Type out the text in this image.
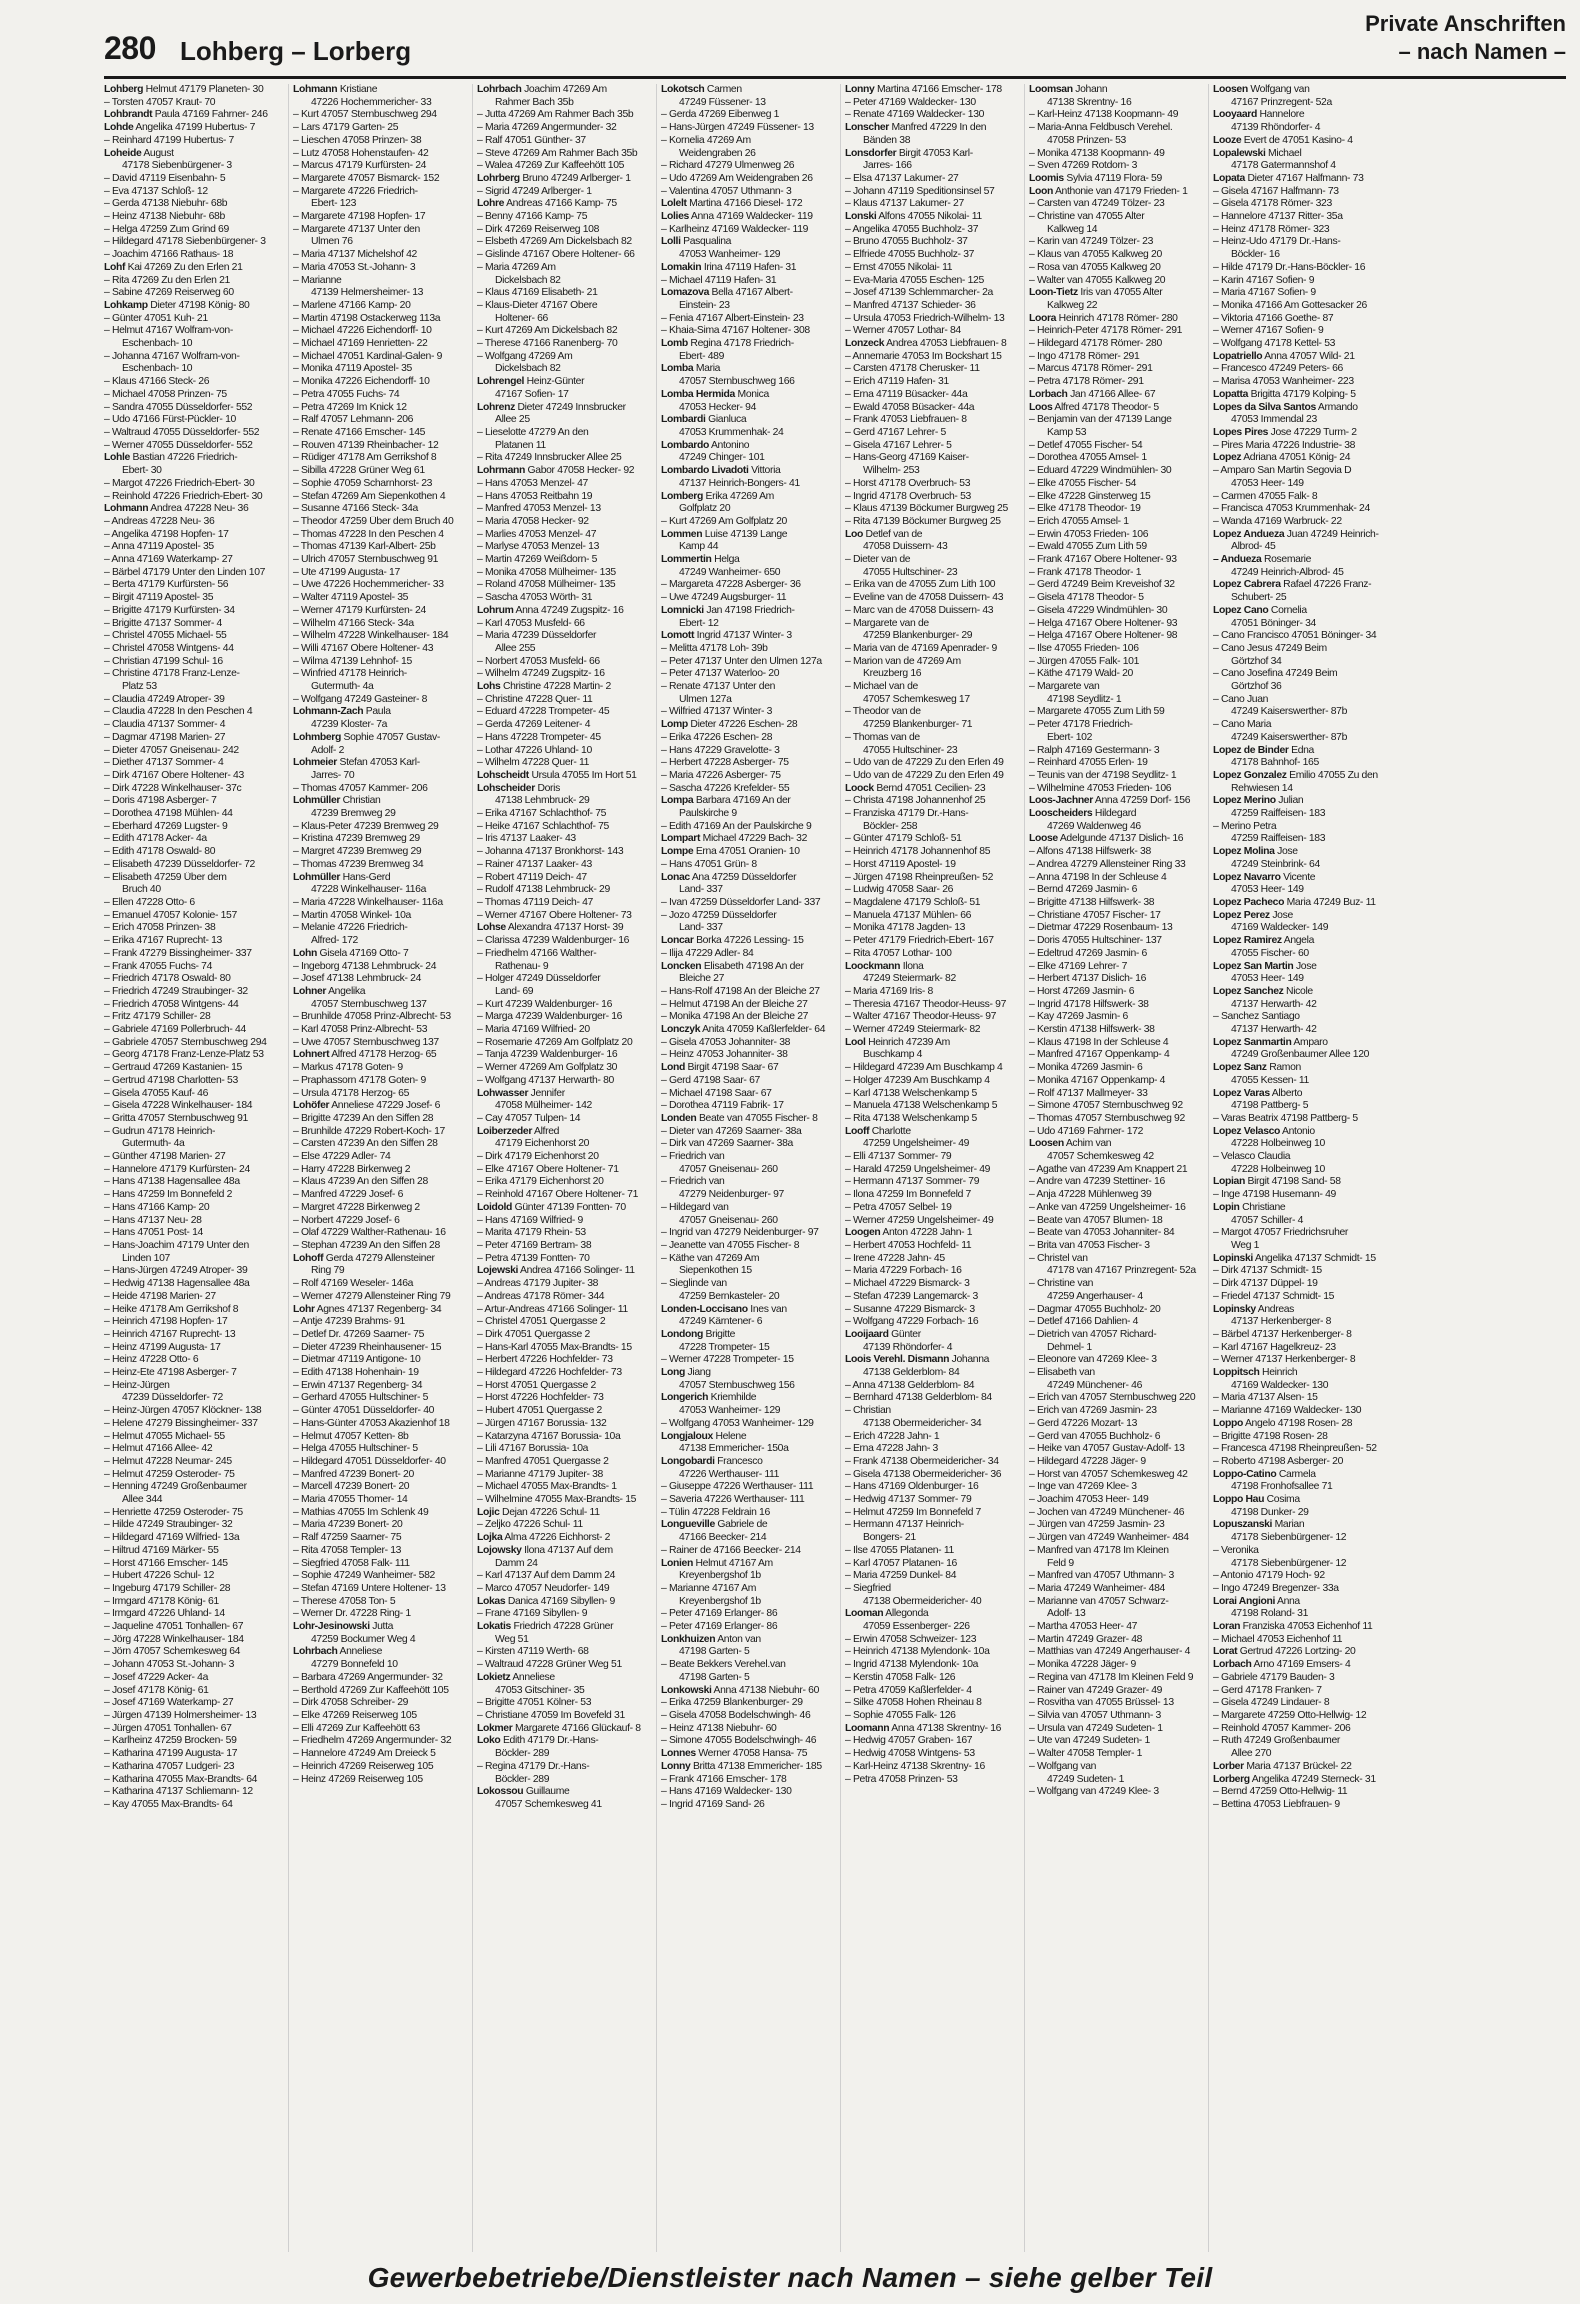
280 Lohberg – Lorberg
Private Anschriften
– nach Namen –
Lohberg Helmut 47179 Planeten- 30
– Torsten 47057 Kraut- 70
Lohbrandt Paula 47169 Fahrner- 246
Lohde Angelika 47199 Hubertus- 7
– Reinhard 47199 Hubertus- 7
Loheide August
47178 Siebenbürgener- 3
– David 47119 Eisenbahn- 5
– Eva 47137 Schloß- 12
– Gerda 47138 Niebuhr- 68b
– Heinz 47138 Niebuhr- 68b
– Helga 47259 Zum Grind 69
– Hildegard 47178 Siebenbürgener- 3
– Joachim 47166 Rathaus- 18
Lohf Kai 47269 Zu den Erlen 21
– Rita 47269 Zu den Erlen 21
– Sabine 47269 Reiserweg 60
Lohkamp Dieter 47198 König- 80
– Günter 47051 Kuh- 21
– Helmut 47167 Wolfram-von-
Eschenbach- 10
– Johanna 47167 Wolfram-von-
Eschenbach- 10
– Klaus 47166 Steck- 26
– Michael 47058 Prinzen- 75
– Sandra 47055 Düsseldorfer- 552
– Udo 47166 Fürst-Pückler- 10
– Waltraud 47055 Düsseldorfer- 552
– Werner 47055 Düsseldorfer- 552
Lohle Bastian 47226 Friedrich-
Ebert- 30
– Margot 47226 Friedrich-Ebert- 30
– Reinhold 47226 Friedrich-Ebert- 30
Lohmann Andrea 47228 Neu- 36
– Andreas 47228 Neu- 36
– Angelika 47198 Hopfen- 17
– Anna 47119 Apostel- 35
– Anna 47169 Waterkamp- 27
– Bärbel 47179 Unter den Linden 107
– Berta 47179 Kurfürsten- 56
– Birgit 47119 Apostel- 35
– Brigitte 47179 Kurfürsten- 34
– Brigitte 47137 Sommer- 4
– Christel 47055 Michael- 55
– Christel 47058 Wintgens- 44
– Christian 47199 Schul- 16
– Christine 47178 Franz-Lenze-
Platz 53
– Claudia 47249 Atroper- 39
– Claudia 47228 In den Peschen 4
– Claudia 47137 Sommer- 4
– Dagmar 47198 Marien- 27
– Dieter 47057 Gneisenau- 242
– Diether 47137 Sommer- 4
– Dirk 47167 Obere Holtener- 43
– Dirk 47228 Winkelhauser- 37c
– Doris 47198 Asberger- 7
– Dorothea 47198 Mühlen- 44
– Eberhard 47269 Lugster- 9
– Edith 47178 Acker- 4a
– Edith 47178 Oswald- 80
– Elisabeth 47239 Düsseldorfer- 72
– Elisabeth 47259 Über dem
Bruch 40
– Ellen 47228 Otto- 6
– Emanuel 47057 Kolonie- 157
– Erich 47058 Prinzen- 38
– Erika 47167 Ruprecht- 13
– Frank 47279 Bissingheimer- 337
– Frank 47055 Fuchs- 74
– Friedrich 47178 Oswald- 80
– Friedrich 47249 Straubinger- 32
– Friedrich 47058 Wintgens- 44
– Fritz 47179 Schiller- 28
– Gabriele 47169 Pollerbruch- 44
– Gabriele 47057 Sternbuschweg 294
– Georg 47178 Franz-Lenze-Platz 53
– Gertraud 47269 Kastanien- 15
– Gertrud 47198 Charlotten- 53
– Gisela 47055 Kauf- 46
– Gisela 47228 Winkelhauser- 184
– Gritta 47057 Sternbuschweg 91
– Gudrun 47178 Heinrich-
Gutermuth- 4a
– Günther 47198 Marien- 27
– Hannelore 47179 Kurfürsten- 24
– Hans 47138 Hagensallee 48a
– Hans 47259 Im Bonnefeld 2
– Hans 47166 Kamp- 20
– Hans 47137 Neu- 28
– Hans 47051 Post- 14
– Hans-Joachim 47179 Unter den
Linden 107
– Hans-Jürgen 47249 Atroper- 39
– Hedwig 47138 Hagensallee 48a
– Heide 47198 Marien- 27
– Heike 47178 Am Gerrikshof 8
– Heinrich 47198 Hopfen- 17
– Heinrich 47167 Ruprecht- 13
– Heinz 47199 Augusta- 17
– Heinz 47228 Otto- 6
– Heinz-Ete 47198 Asberger- 7
– Heinz-Jürgen
47239 Düsseldorfer- 72
– Heinz-Jürgen 47057 Klöckner- 138
– Helene 47279 Bissingheimer- 337
– Helmut 47055 Michael- 55
– Helmut 47166 Allee- 42
– Helmut 47228 Neumar- 245
– Helmut 47259 Osteroder- 75
– Henning 47249 Großenbaumer
Allee 344
– Henriette 47259 Osteroder- 75
– Hilde 47249 Straubinger- 32
– Hildegard 47169 Wilfried- 13a
– Hiltrud 47169 Märker- 55
– Horst 47166 Emscher- 145
– Hubert 47226 Schul- 12
– Ingeburg 47179 Schiller- 28
– Irmgard 47178 König- 61
– Irmgard 47226 Uhland- 14
– Jaqueline 47051 Tonhallen- 67
– Jörg 47228 Winkelhauser- 184
– Jörn 47057 Schemkesweg 64
– Johann 47053 St.-Johann- 3
– Josef 47229 Acker- 4a
– Josef 47178 König- 61
– Josef 47169 Waterkamp- 27
– Jürgen 47139 Holmersheimer- 13
– Jürgen 47051 Tonhallen- 67
– Karlheinz 47259 Brocken- 59
– Katharina 47199 Augusta- 17
– Katharina 47057 Ludgeri- 23
– Katharina 47055 Max-Brandts- 64
– Katharina 47137 Schliemann- 12
– Kay 47055 Max-Brandts- 64
Lohmann Kristiane
47226 Hochemmericher- 33
– Kurt 47057 Sternbuschweg 294
– Lars 47179 Garten- 25
– Lieschen 47058 Prinzen- 38
– Lutz 47058 Hohenstaufen- 42
– Marcus 47179 Kurfürsten- 24
– Margarete 47057 Bismarck- 152
– Margarete 47226 Friedrich-
Ebert- 123
– Margarete 47198 Hopfen- 17
– Margarete 47137 Unter den
Ulmen 76
– Maria 47137 Michelshof 42
– Maria 47053 St.-Johann- 3
– Marianne
47139 Helmersheimer- 13
– Marlene 47166 Kamp- 20
– Martin 47198 Ostackerweg 113a
– Michael 47226 Eichendorff- 10
– Michael 47169 Henrietten- 22
– Michael 47051 Kardinal-Galen- 9
– Monika 47119 Apostel- 35
– Monika 47226 Eichendorff- 10
– Petra 47055 Fuchs- 74
– Petra 47269 Im Knick 12
– Ralf 47057 Lehmann- 206
– Renate 47166 Emscher- 145
– Rouven 47139 Rheinbacher- 12
– Rüdiger 47178 Am Gerrikshof 8
– Sibilla 47228 Grüner Weg 61
– Sophie 47059 Scharnhorst- 23
– Stefan 47269 Am Siepenkothen 4
– Susanne 47166 Steck- 34a
– Theodor 47259 Über dem Bruch 40
– Thomas 47228 In den Peschen 4
– Thomas 47139 Karl-Albert- 25b
– Ulrich 47057 Sternbuschweg 91
– Ute 47199 Augusta- 17
– Uwe 47226 Hochemmericher- 33
– Walter 47119 Apostel- 35
– Werner 47179 Kurfürsten- 24
– Wilhelm 47166 Steck- 34a
– Wilhelm 47228 Winkelhauser- 184
– Willi 47167 Obere Holtener- 43
– Wilma 47139 Lehnhof- 15
– Winfried 47178 Heinrich-
Gutermuth- 4a
– Wolfgang 47249 Gasteiner- 8
Lohmann-Zach Paula
47239 Kloster- 7a
Lohmberg Sophie 47057 Gustav-
Adolf- 2
Lohmeier Stefan 47053 Karl-
Jarres- 70
– Thomas 47057 Kammer- 206
Lohmüller Christian
47239 Bremweg 29
– Klaus-Peter 47239 Bremweg 29
– Kristina 47239 Bremweg 29
– Margret 47239 Bremweg 29
– Thomas 47239 Bremweg 34
Lohmüller Hans-Gerd
47228 Winkelhauser- 116a
– Maria 47228 Winkelhauser- 116a
– Martin 47058 Winkel- 10a
– Melanie 47226 Friedrich-
Alfred- 172
Lohn Gisela 47169 Otto- 7
– Ingeborg 47138 Lehmbruck- 24
– Josef 47138 Lehmbruck- 24
Lohner Angelika
47057 Sternbuschweg 137
– Brunhilde 47058 Prinz-Albrecht- 53
– Karl 47058 Prinz-Albrecht- 53
– Uwe 47057 Sternbuschweg 137
Lohnert Alfred 47178 Herzog- 65
– Markus 47178 Goten- 9
– Praphassorn 47178 Goten- 9
– Ursula 47178 Herzog- 65
Lohöfer Anneliese 47229 Josef- 6
– Brigitte 47239 An den Siffen 28
– Brunhilde 47229 Robert-Koch- 17
– Carsten 47239 An den Siffen 28
– Else 47229 Adler- 74
– Harry 47228 Birkenweg 2
– Klaus 47239 An den Siffen 28
– Manfred 47229 Josef- 6
– Margret 47228 Birkenweg 2
– Norbert 47229 Josef- 6
– Olaf 47229 Walther-Rathenau- 16
– Stephan 47239 An den Siffen 28
Lohoff Gerda 47279 Allensteiner
Ring 79
– Rolf 47169 Weseler- 146a
– Werner 47279 Allensteiner Ring 79
Lohr Agnes 47137 Regenberg- 34
– Antje 47239 Brahms- 91
– Detlef Dr. 47269 Saarner- 75
– Dieter 47239 Rheinhausener- 15
– Dietmar 47119 Antigone- 10
– Edith 47138 Hohenhain- 19
– Erwin 47137 Regenberg- 34
– Gerhard 47055 Hultschiner- 5
– Günter 47051 Düsseldorfer- 40
– Hans-Günter 47053 Akazienhof 18
– Helmut 47057 Ketten- 8b
– Helga 47055 Hultschiner- 5
– Hildegard 47051 Düsseldorfer- 40
– Manfred 47239 Bonert- 20
– Marcell 47239 Bonert- 20
– Maria 47055 Thomer- 14
– Mathias 47055 Im Schlenk 49
– Maria 47239 Bonert- 20
– Ralf 47259 Saarner- 75
– Rita 47058 Templer- 13
– Siegfried 47058 Falk- 111
– Sophie 47249 Wanheimer- 582
– Stefan 47169 Untere Holtener- 13
– Therese 47058 Ton- 5
– Werner Dr. 47228 Ring- 1
Lohr-Jesinowski Jutta
47259 Bockumer Weg 4
Lohrbach Anneliese
47279 Bonnefeld 10
– Barbara 47269 Angermunder- 32
– Berthold 47269 Zur Kaffeehött 105
– Dirk 47058 Schreiber- 29
– Elke 47269 Reiserweg 105
– Elli 47269 Zur Kaffeehött 63
– Friedhelm 47269 Angermunder- 32
– Hannelore 47249 Am Dreieck 5
– Heinrich 47269 Reiserweg 105
– Heinz 47269 Reiserweg 105
Lohrbach Joachim 47269 Am
Rahmer Bach 35b
– Jutta 47269 Am Rahmer Bach 35b
– Maria 47269 Angermunder- 32
– Ralf 47051 Günther- 37
– Steve 47269 Am Rahmer Bach 35b
– Walea 47269 Zur Kaffeehött 105
Lohrberg Bruno 47249 Arlberger- 1
– Sigrid 47249 Arlberger- 1
Lohre Andreas 47166 Kamp- 75
– Benny 47166 Kamp- 75
– Dirk 47269 Reiserweg 108
– Elsbeth 47269 Am Dickelsbach 82
– Gislinde 47167 Obere Holtener- 66
– Maria 47269 Am
Dickelsbach 82
– Klaus 47169 Elisabeth- 21
– Klaus-Dieter 47167 Obere
Holtener- 66
– Kurt 47269 Am Dickelsbach 82
– Therese 47166 Ranenberg- 70
– Wolfgang 47269 Am
Dickelsbach 82
Lohrengel Heinz-Günter
47167 Sofien- 17
Lohrenz Dieter 47249 Innsbrucker
Allee 25
– Lieselotte 47279 An den
Platanen 11
– Rita 47249 Innsbrucker Allee 25
Lohrmann Gabor 47058 Hecker- 92
– Hans 47053 Menzel- 47
– Hans 47053 Reitbahn 19
– Manfred 47053 Menzel- 13
– Maria 47058 Hecker- 92
– Marlies 47053 Menzel- 47
– Marlyse 47053 Menzel- 13
– Martin 47269 Weißdorn- 5
– Monika 47058 Mülheimer- 135
– Roland 47058 Mülheimer- 135
– Sascha 47053 Wörth- 31
Lohrum Anna 47249 Zugspitz- 16
– Karl 47053 Musfeld- 66
– Maria 47239 Düsseldorfer
Allee 255
– Norbert 47053 Musfeld- 66
– Wilhelm 47249 Zugspitz- 16
Lohs Christine 47228 Martin- 2
– Christine 47228 Quer- 11
– Eduard 47228 Trompeter- 45
– Gerda 47269 Leitener- 4
– Hans 47228 Trompeter- 45
– Lothar 47226 Uhland- 10
– Wilhelm 47228 Quer- 11
Lohscheidt Ursula 47055 Im Hort 51
Lohscheider Doris
47138 Lehmbruck- 29
– Erika 47167 Schlachthof- 75
– Heike 47167 Schlachthof- 75
– Iris 47137 Laaker- 43
– Johanna 47137 Bronkhorst- 143
– Rainer 47137 Laaker- 43
– Robert 47119 Deich- 47
– Rudolf 47138 Lehmbruck- 29
– Thomas 47119 Deich- 47
– Werner 47167 Obere Holtener- 73
Lohse Alexandra 47137 Horst- 39
– Clarissa 47239 Waldenburger- 16
– Friedhelm 47166 Walther-
Rathenau- 9
– Holger 47249 Düsseldorfer
Land- 69
– Kurt 47239 Waldenburger- 16
– Marga 47239 Waldenburger- 16
– Maria 47169 Wilfried- 20
– Rosemarie 47269 Am Golfplatz 20
– Tanja 47239 Waldenburger- 16
– Werner 47269 Am Golfplatz 30
– Wolfgang 47137 Herwarth- 80
Lohwasser Jennifer
47058 Mülheimer- 142
– Cay 47057 Tulpen- 14
Loiberzeder Alfred
47179 Eichenhorst 20
– Dirk 47179 Eichenhorst 20
– Elke 47167 Obere Holtener- 71
– Erika 47179 Eichenhorst 20
– Reinhold 47167 Obere Holtener- 71
Loidold Günter 47139 Fontten- 70
– Hans 47169 Wilfried- 9
– Marita 47179 Rhein- 53
– Peter 47169 Bertram- 38
– Petra 47139 Fontten- 70
Lojewski Andrea 47166 Solinger- 11
– Andreas 47179 Jupiter- 38
– Andreas 47178 Römer- 344
– Artur-Andreas 47166 Solinger- 11
– Christel 47051 Quergasse 2
– Dirk 47051 Quergasse 2
– Hans-Karl 47055 Max-Brandts- 15
– Herbert 47226 Hochfelder- 73
– Hildegard 47226 Hochfelder- 73
– Horst 47051 Quergasse 2
– Horst 47226 Hochfelder- 73
– Hubert 47051 Quergasse 2
– Jürgen 47167 Borussia- 132
– Katarzyna 47167 Borussia- 10a
– Lili 47167 Borussia- 10a
– Manfred 47051 Quergasse 2
– Marianne 47179 Jupiter- 38
– Michael 47055 Max-Brandts- 1
– Wilhelmine 47055 Max-Brandts- 15
Lojic Dejan 47226 Schul- 11
– Zeljko 47226 Schul- 11
Lojka Alma 47226 Eichhorst- 2
Lojowsky Ilona 47137 Auf dem
Damm 24
– Karl 47137 Auf dem Damm 24
– Marco 47057 Neudorfer- 149
Lokas Danica 47169 Sibyllen- 9
– Frane 47169 Sibyllen- 9
Lokatis Friedrich 47228 Grüner
Weg 51
– Kirsten 47119 Werth- 68
– Waltraud 47228 Grüner Weg 51
Lokietz Anneliese
47053 Gitschiner- 35
– Brigitte 47051 Kölner- 53
– Christiane 47059 Im Bovefeld 31
Lokmer Margarete 47166 Glückauf- 8
Loko Edith 47179 Dr.-Hans-
Böckler- 289
– Regina 47179 Dr.-Hans-
Böckler- 289
Lokossou Guillaume
47057 Schemkesweg 41
Lokotsch Carmen
47249 Füssener- 13
– Gerda 47269 Eibenweg 1
– Hans-Jürgen 47249 Füssener- 13
– Kornelia 47269 Am
Weidengraben 26
– Richard 47279 Ulmenweg 26
– Udo 47269 Am Weidengraben 26
– Valentina 47057 Uthmann- 3
Lolelt Martina 47166 Diesel- 172
Lolies Anna 47169 Waldecker- 119
– Karlheinz 47169 Waldecker- 119
Lolli Pasqualina
47053 Wanheimer- 129
Lomakin Irina 47119 Hafen- 31
– Michael 47119 Hafen- 31
Lomazova Bella 47167 Albert-
Einstein- 23
– Fenia 47167 Albert-Einstein- 23
– Khaia-Sima 47167 Holtener- 308
Lomb Regina 47178 Friedrich-
Ebert- 489
Lomba Maria
47057 Sternbuschweg 166
Lomba Hermida Monica
47053 Hecker- 94
Lombardi Gianluca
47053 Krummenhak- 24
Lombardo Antonino
47249 Chinger- 101
Lombardo Livadoti Vittoria
47137 Heinrich-Bongers- 41
Lomberg Erika 47269 Am
Golfplatz 20
– Kurt 47269 Am Golfplatz 20
Lommen Luise 47139 Lange
Kamp 44
Lommertin Helga
47249 Wanheimer- 650
– Margareta 47228 Asberger- 36
– Uwe 47249 Augsburger- 11
Lomnicki Jan 47198 Friedrich-
Ebert- 12
Lomott Ingrid 47137 Winter- 3
– Melitta 47178 Loh- 39b
– Peter 47137 Unter den Ulmen 127a
– Peter 47137 Waterloo- 20
– Renate 47137 Unter den
Ulmen 127a
– Wilfried 47137 Winter- 3
Lomp Dieter 47226 Eschen- 28
– Erika 47226 Eschen- 28
– Hans 47229 Gravelotte- 3
– Herbert 47228 Asberger- 75
– Maria 47226 Asberger- 75
– Sascha 47226 Krefelder- 55
Lompa Barbara 47169 An der
Paulskirche 9
– Edith 47169 An der Paulskirche 9
Lompart Michael 47229 Bach- 32
Lompe Erna 47051 Oranien- 10
– Hans 47051 Grün- 8
Lonac Ana 47259 Düsseldorfer
Land- 337
– Ivan 47259 Düsseldorfer Land- 337
– Jozo 47259 Düsseldorfer
Land- 337
Loncar Borka 47226 Lessing- 15
– Ilija 47229 Adler- 84
Loncken Elisabeth 47198 An der
Bleiche 27
– Hans-Rolf 47198 An der Bleiche 27
– Helmut 47198 An der Bleiche 27
– Monika 47198 An der Bleiche 27
Lonczyk Anita 47059 Kaßlerfelder- 64
– Gisela 47053 Johanniter- 38
– Heinz 47053 Johanniter- 38
Lond Birgit 47198 Saar- 67
– Gerd 47198 Saar- 67
– Michael 47198 Saar- 67
– Dorothea 47119 Fabrik- 17
Londen Beate van 47055 Fischer- 8
– Dieter van 47269 Saarner- 38a
– Dirk van 47269 Saarner- 38a
– Friedrich van
47057 Gneisenau- 260
– Friedrich van
47279 Neidenburger- 97
– Hildegard van
47057 Gneisenau- 260
– Ingrid van 47279 Neidenburger- 97
– Jeanette van 47055 Fischer- 8
– Käthe van 47269 Am
Siepenkothen 15
– Sieglinde van
47259 Bernkasteler- 20
Londen-Loccisano Ines van
47249 Kärntener- 6
Londong Brigitte
47228 Trompeter- 15
– Werner 47228 Trompeter- 15
Long Jiang
47057 Sternbuschweg 156
Longerich Kriemhilde
47053 Wanheimer- 129
– Wolfgang 47053 Wanheimer- 129
Longjaloux Helene
47138 Emmericher- 150a
Longobardi Francesco
47226 Werthauser- 111
– Giuseppe 47226 Werthauser- 111
– Saveria 47226 Werthauser- 111
– Tülin 47228 Feldrain 16
Longueville Gabriele de
47166 Beecker- 214
– Rainer de 47166 Beecker- 214
Lonien Helmut 47167 Am
Kreyenbergshof 1b
– Marianne 47167 Am
Kreyenbergshof 1b
– Peter 47169 Erlanger- 86
– Peter 47169 Erlanger- 86
Lonkhuizen Anton van
47198 Garten- 5
– Beate Bekkers Verehel.van
47198 Garten- 5
Lonkowski Anna 47138 Niebuhr- 60
– Erika 47259 Blankenburger- 29
– Gisela 47058 Bodelschwingh- 46
– Heinz 47138 Niebuhr- 60
– Simone 47055 Bodelschwingh- 46
Lonnes Werner 47058 Hansa- 75
Lonny Britta 47138 Emmericher- 185
– Frank 47166 Emscher- 178
– Hans 47169 Waldecker- 130
– Ingrid 47169 Sand- 26
Lonny Martina 47166 Emscher- 178
– Peter 47169 Waldecker- 130
– Renate 47169 Waldecker- 130
Lonscher Manfred 47229 In den
Bänden 38
Lonsdorfer Birgit 47053 Karl-
Jarres- 166
– Elsa 47137 Lakumer- 27
– Johann 47119 Speditionsinsel 57
– Klaus 47137 Lakumer- 27
Lonski Alfons 47055 Nikolai- 11
– Angelika 47055 Buchholz- 37
– Bruno 47055 Buchholz- 37
– Elfriede 47055 Buchholz- 37
– Ernst 47055 Nikolai- 11
– Eva-Maria 47055 Eschen- 125
– Josef 47139 Schlemmarcher- 2a
– Manfred 47137 Schieder- 36
– Ursula 47053 Friedrich-Wilhelm- 13
– Werner 47057 Lothar- 84
Lonzeck Andrea 47053 Liebfrauen- 8
– Annemarie 47053 Im Bockshart 15
– Carsten 47178 Cherusker- 11
– Erich 47119 Hafen- 31
– Erna 47119 Büsacker- 44a
– Ewald 47058 Büsacker- 44a
– Frank 47053 Liebfrauen- 8
– Gerd 47167 Lehrer- 5
– Gisela 47167 Lehrer- 5
– Hans-Georg 47169 Kaiser-
Wilhelm- 253
– Horst 47178 Overbruch- 53
– Ingrid 47178 Overbruch- 53
– Klaus 47139 Böckumer Burgweg 25
– Rita 47139 Böckumer Burgweg 25
Loo Detlef van de
47058 Duissern- 43
– Dieter van de
47055 Hultschiner- 23
– Erika van de 47055 Zum Lith 100
– Eveline van de 47058 Duissern- 43
– Marc van de 47058 Duissern- 43
– Margarete van de
47259 Blankenburger- 29
– Maria van de 47169 Apenrader- 9
– Marion van de 47269 Am
Kreuzberg 16
– Michael van de
47057 Schemkesweg 17
– Theodor van de
47259 Blankenburger- 71
– Thomas van de
47055 Hultschiner- 23
– Udo van de 47229 Zu den Erlen 49
– Udo van de 47229 Zu den Erlen 49
Loock Bernd 47051 Cecilien- 23
– Christa 47198 Johannenhof 25
– Franziska 47179 Dr.-Hans-
Böckler- 258
– Günter 47179 Schloß- 51
– Heinrich 47178 Johannenhof 85
– Horst 47119 Apostel- 19
– Jürgen 47198 Rheinpreußen- 52
– Ludwig 47058 Saar- 26
– Magdalene 47179 Schloß- 51
– Manuela 47137 Mühlen- 66
– Monika 47178 Jagden- 13
– Peter 47179 Friedrich-Ebert- 167
– Rita 47057 Lothar- 100
Loockmann Ilona
47249 Steiermark- 82
– Maria 47169 Iris- 8
– Theresia 47167 Theodor-Heuss- 97
– Walter 47167 Theodor-Heuss- 97
– Werner 47249 Steiermark- 82
Lool Heinrich 47239 Am
Buschkamp 4
– Hildegard 47239 Am Buschkamp 4
– Holger 47239 Am Buschkamp 4
– Karl 47138 Welschenkamp 5
– Manuela 47138 Welschenkamp 5
– Rita 47138 Welschenkamp 5
Looff Charlotte
47259 Ungelsheimer- 49
– Elli 47137 Sommer- 79
– Harald 47259 Ungelsheimer- 49
– Hermann 47137 Sommer- 79
– Ilona 47259 Im Bonnefeld 7
– Petra 47057 Selbel- 19
– Werner 47259 Ungelsheimer- 49
Loogen Anton 47228 Jahn- 1
– Herbert 47053 Hochfeld- 11
– Irene 47228 Jahn- 45
– Maria 47229 Forbach- 16
– Michael 47229 Bismarck- 3
– Stefan 47239 Langemarck- 3
– Susanne 47229 Bismarck- 3
– Wolfgang 47229 Forbach- 16
Looijaard Günter
47139 Rhöndorfer- 4
Loois Verehl. Dismann Johanna
47138 Gelderblom- 84
– Anna 47138 Gelderblom- 84
– Bernhard 47138 Gelderblom- 84
– Christian
47138 Obermeidericher- 34
– Erich 47228 Jahn- 1
– Erna 47228 Jahn- 3
– Frank 47138 Obermeidericher- 34
– Gisela 47138 Obermeidericher- 36
– Hans 47169 Oldenburger- 16
– Hedwig 47137 Sommer- 79
– Helmut 47259 Im Bonnefeld 7
– Hermann 47137 Heinrich-
Bongers- 21
– Ilse 47055 Platanen- 11
– Karl 47057 Platanen- 16
– Maria 47259 Dunkel- 84
– Siegfried
47138 Obermeidericher- 40
Looman Allegonda
47059 Essenberger- 226
– Erwin 47058 Schweizer- 123
– Heinrich 47138 Mylendonk- 10a
– Ingrid 47138 Mylendonk- 10a
– Kerstin 47058 Falk- 126
– Petra 47059 Kaßlerfelder- 4
– Silke 47058 Hohen Rheinau 8
– Sophie 47055 Falk- 126
Loomann Anna 47138 Skrentny- 16
– Hedwig 47057 Graben- 167
– Hedwig 47058 Wintgens- 53
– Karl-Heinz 47138 Skrentny- 16
– Petra 47058 Prinzen- 53
Loomsan Johann
47138 Skrentny- 16
– Karl-Heinz 47138 Koopmann- 49
– Maria-Anna Feldbusch Verehel.
47058 Prinzen- 53
– Monika 47138 Koopmann- 49
– Sven 47269 Rotdorn- 3
Loomis Sylvia 47119 Flora- 59
Loon Anthonie van 47179 Frieden- 1
– Carsten van 47249 Tölzer- 23
– Christine van 47055 Alter
Kalkweg 14
– Karin van 47249 Tölzer- 23
– Klaus van 47055 Kalkweg 20
– Rosa van 47055 Kalkweg 20
– Walter van 47055 Kalkweg 20
Loon-Tietz Iris van 47055 Alter
Kalkweg 22
Loora Heinrich 47178 Römer- 280
– Heinrich-Peter 47178 Römer- 291
– Hildegard 47178 Römer- 280
– Ingo 47178 Römer- 291
– Marcus 47178 Römer- 291
– Petra 47178 Römer- 291
Lorbach Jan 47166 Allee- 67
Loos Alfred 47178 Theodor- 5
– Benjamin van der 47139 Lange
Kamp 53
– Detlef 47055 Fischer- 54
– Dorothea 47055 Amsel- 1
– Eduard 47229 Windmühlen- 30
– Elke 47055 Fischer- 54
– Elke 47228 Ginsterweg 15
– Elke 47178 Theodor- 19
– Erich 47055 Amsel- 1
– Erwin 47053 Frieden- 106
– Ewald 47055 Zum Lith 59
– Frank 47167 Obere Holtener- 93
– Frank 47178 Theodor- 1
– Gerd 47249 Beim Kreveishof 32
– Gisela 47178 Theodor- 5
– Gisela 47229 Windmühlen- 30
– Helga 47167 Obere Holtener- 93
– Helga 47167 Obere Holtener- 98
– Ilse 47055 Frieden- 106
– Jürgen 47055 Falk- 101
– Käthe 47179 Wald- 20
– Margarete van
47198 Seydlitz- 1
– Margarete 47055 Zum Lith 59
– Peter 47178 Friedrich-
Ebert- 102
– Ralph 47169 Gestermann- 3
– Reinhard 47055 Erlen- 19
– Teunis van der 47198 Seydlitz- 1
– Wilhelmine 47053 Frieden- 106
Loos-Jachner Anna 47259 Dorf- 156
Looscheiders Hildegard
47269 Waldenweg 46
Loose Adelgunde 47137 Dislich- 16
– Alfons 47138 Hilfswerk- 38
– Andrea 47279 Allensteiner Ring 33
– Anna 47198 In der Schleuse 4
– Bernd 47269 Jasmin- 6
– Brigitte 47138 Hilfswerk- 38
– Christiane 47057 Fischer- 17
– Dietmar 47229 Rosenbaum- 13
– Doris 47055 Hultschiner- 137
– Edeltrud 47269 Jasmin- 6
– Elke 47169 Lehrer- 7
– Herbert 47137 Dislich- 16
– Horst 47269 Jasmin- 6
– Ingrid 47178 Hilfswerk- 38
– Kay 47269 Jasmin- 6
– Kerstin 47138 Hilfswerk- 38
– Klaus 47198 In der Schleuse 4
– Manfred 47167 Oppenkamp- 4
– Monika 47269 Jasmin- 6
– Monika 47167 Oppenkamp- 4
– Rolf 47137 Mallmeyer- 33
– Simone 47057 Sternbuschweg 92
– Thomas 47057 Sternbuschweg 92
– Udo 47169 Fahrner- 172
Loosen Achim van
47057 Schemkesweg 42
– Agathe van 47239 Am Knappert 21
– Andre van 47239 Stettiner- 16
– Anja 47228 Mühlenweg 39
– Anke van 47259 Ungelsheimer- 16
– Beate van 47057 Blumen- 18
– Beate van 47053 Johanniter- 84
– Brita van 47053 Fischer- 3
– Christel van
47178 van 47167 Prinzregent- 52a
– Christine van
47259 Angerhauser- 4
– Dagmar 47055 Buchholz- 20
– Detlef 47166 Dahlien- 4
– Dietrich van 47057 Richard-
Dehmel- 1
– Eleonore van 47269 Klee- 3
– Elisabeth van
47249 Münchener- 46
– Erich van 47057 Sternbuschweg 220
– Erich van 47269 Jasmin- 23
– Gerd 47226 Mozart- 13
– Gerd van 47055 Buchholz- 6
– Heike van 47057 Gustav-Adolf- 13
– Hildegard 47228 Jäger- 9
– Horst van 47057 Schemkesweg 42
– Inge van 47269 Klee- 3
– Joachim 47053 Heer- 149
– Jochen van 47249 Münchener- 46
– Jürgen van 47259 Jasmin- 23
– Jürgen van 47249 Wanheimer- 484
– Manfred van 47178 Im Kleinen
Feld 9
– Manfred van 47057 Uthmann- 3
– Maria 47249 Wanheimer- 484
– Marianne van 47057 Schwarz-
Adolf- 13
– Martha 47053 Heer- 47
– Martin 47249 Grazer- 48
– Matthias van 47249 Angerhauser- 4
– Monika 47228 Jäger- 9
– Regina van 47178 Im Kleinen Feld 9
– Rainer van 47249 Grazer- 49
– Rosvitha van 47055 Brüssel- 13
– Silvia van 47057 Uthmann- 3
– Ursula van 47249 Sudeten- 1
– Ute van 47249 Sudeten- 1
– Walter 47058 Templer- 1
– Wolfgang van
47249 Sudeten- 1
– Wolfgang van 47249 Klee- 3
Loosen Wolfgang van
47167 Prinzregent- 52a
Looyaard Hannelore
47139 Rhöndorfer- 4
Looze Evert de 47051 Kasino- 4
Lopalewski Michael
47178 Gatermannshof 4
Lopata Dieter 47167 Halfmann- 73
– Gisela 47167 Halfmann- 73
– Gisela 47178 Römer- 323
– Hannelore 47137 Ritter- 35a
– Heinz 47178 Römer- 323
– Heinz-Udo 47179 Dr.-Hans-
Böckler- 16
– Hilde 47179 Dr.-Hans-Böckler- 16
– Karin 47167 Sofien- 9
– Maria 47167 Sofien- 9
– Monika 47166 Am Gottesacker 26
– Viktoria 47166 Goethe- 87
– Werner 47167 Sofien- 9
– Wolfgang 47178 Kettel- 53
Lopatriello Anna 47057 Wild- 21
– Francesco 47249 Peters- 66
– Marisa 47053 Wanheimer- 223
Lopatta Brigitta 47179 Kolping- 5
Lopes da Silva Santos Armando
47053 Immendal 23
Lopes Pires Jose 47229 Turm- 2
– Pires Maria 47226 Industrie- 38
Lopez Adriana 47051 König- 24
– Amparo San Martin Segovia D
47053 Heer- 149
– Carmen 47055 Falk- 8
– Francisca 47053 Krummenhak- 24
– Wanda 47169 Warbruck- 22
Lopez Andueza Juan 47249 Heinrich-
Albrod- 45
– Andueza Rosemarie
47249 Heinrich-Albrod- 45
Lopez Cabrera Rafael 47226 Franz-
Schubert- 25
Lopez Cano Cornelia
47051 Böninger- 34
– Cano Francisco 47051 Böninger- 34
– Cano Jesus 47249 Beim
Görtzhof 34
– Cano Josefina 47249 Beim
Görtzhof 36
– Cano Juan
47249 Kaiserswerther- 87b
– Cano Maria
47249 Kaiserswerther- 87b
Lopez de Binder Edna
47178 Bahnhof- 165
Lopez Gonzalez Emilio 47055 Zu den
Rehwiesen 14
Lopez Merino Julian
47259 Raiffeisen- 183
– Merino Petra
47259 Raiffeisen- 183
Lopez Molina Jose
47249 Steinbrink- 64
Lopez Navarro Vicente
47053 Heer- 149
Lopez Pacheco Maria 47249 Buz- 11
Lopez Perez Jose
47169 Waldecker- 149
Lopez Ramirez Angela
47055 Fischer- 60
Lopez San Martin Jose
47053 Heer- 149
Lopez Sanchez Nicole
47137 Herwarth- 42
– Sanchez Santiago
47137 Herwarth- 42
Lopez Sanmartin Amparo
47249 Großenbaumer Allee 120
Lopez Sanz Ramon
47055 Kessen- 11
Lopez Varas Alberto
47198 Pattberg- 5
– Varas Beatrix 47198 Pattberg- 5
Lopez Velasco Antonio
47228 Holbeinweg 10
– Velasco Claudia
47228 Holbeinweg 10
Lopian Birgit 47198 Sand- 58
– Inge 47198 Husemann- 49
Lopin Christiane
47057 Schiller- 4
– Margot 47057 Friedrichsruher
Weg 1
Lopinski Angelika 47137 Schmidt- 15
– Dirk 47137 Schmidt- 15
– Dirk 47137 Düppel- 19
– Friedel 47137 Schmidt- 15
Lopinsky Andreas
47137 Herkenberger- 8
– Bärbel 47137 Herkenberger- 8
– Karl 47167 Hagelkreuz- 23
– Werner 47137 Herkenberger- 8
Loppitsch Heinrich
47169 Waldecker- 130
– Maria 47137 Alsen- 15
– Marianne 47169 Waldecker- 130
Loppo Angelo 47198 Rosen- 28
– Brigitte 47198 Rosen- 28
– Francesca 47198 Rheinpreußen- 52
– Roberto 47198 Asberger- 20
Loppo-Catino Carmela
47198 Fronhofsallee 71
Loppo Hau Cosima
47198 Dunker- 29
Lopuszanski Marian
47178 Siebenbürgener- 12
– Veronika
47178 Siebenbürgener- 12
– Antonio 47179 Hoch- 92
– Ingo 47249 Bregenzer- 33a
Lorai Angioni Anna
47198 Roland- 31
Loran Franziska 47053 Eichenhof 11
– Michael 47053 Eichenhof 11
Lorat Gertrud 47226 Lortzing- 20
Lorbach Arno 47169 Emsers- 4
– Gabriele 47179 Bauden- 3
– Gerd 47178 Franken- 7
– Gisela 47249 Lindauer- 8
– Margarete 47259 Otto-Hellwig- 12
– Reinhold 47057 Kammer- 206
– Ruth 47249 Großenbaumer
Allee 270
Lorber Maria 47137 Brückel- 22
Lorberg Angelika 47249 Sterneck- 31
– Bernd 47259 Otto-Hellwig- 11
– Bettina 47053 Liebfrauen- 9
Gewerbebetriebe/Dienstleister nach Namen – siehe gelber Teil
